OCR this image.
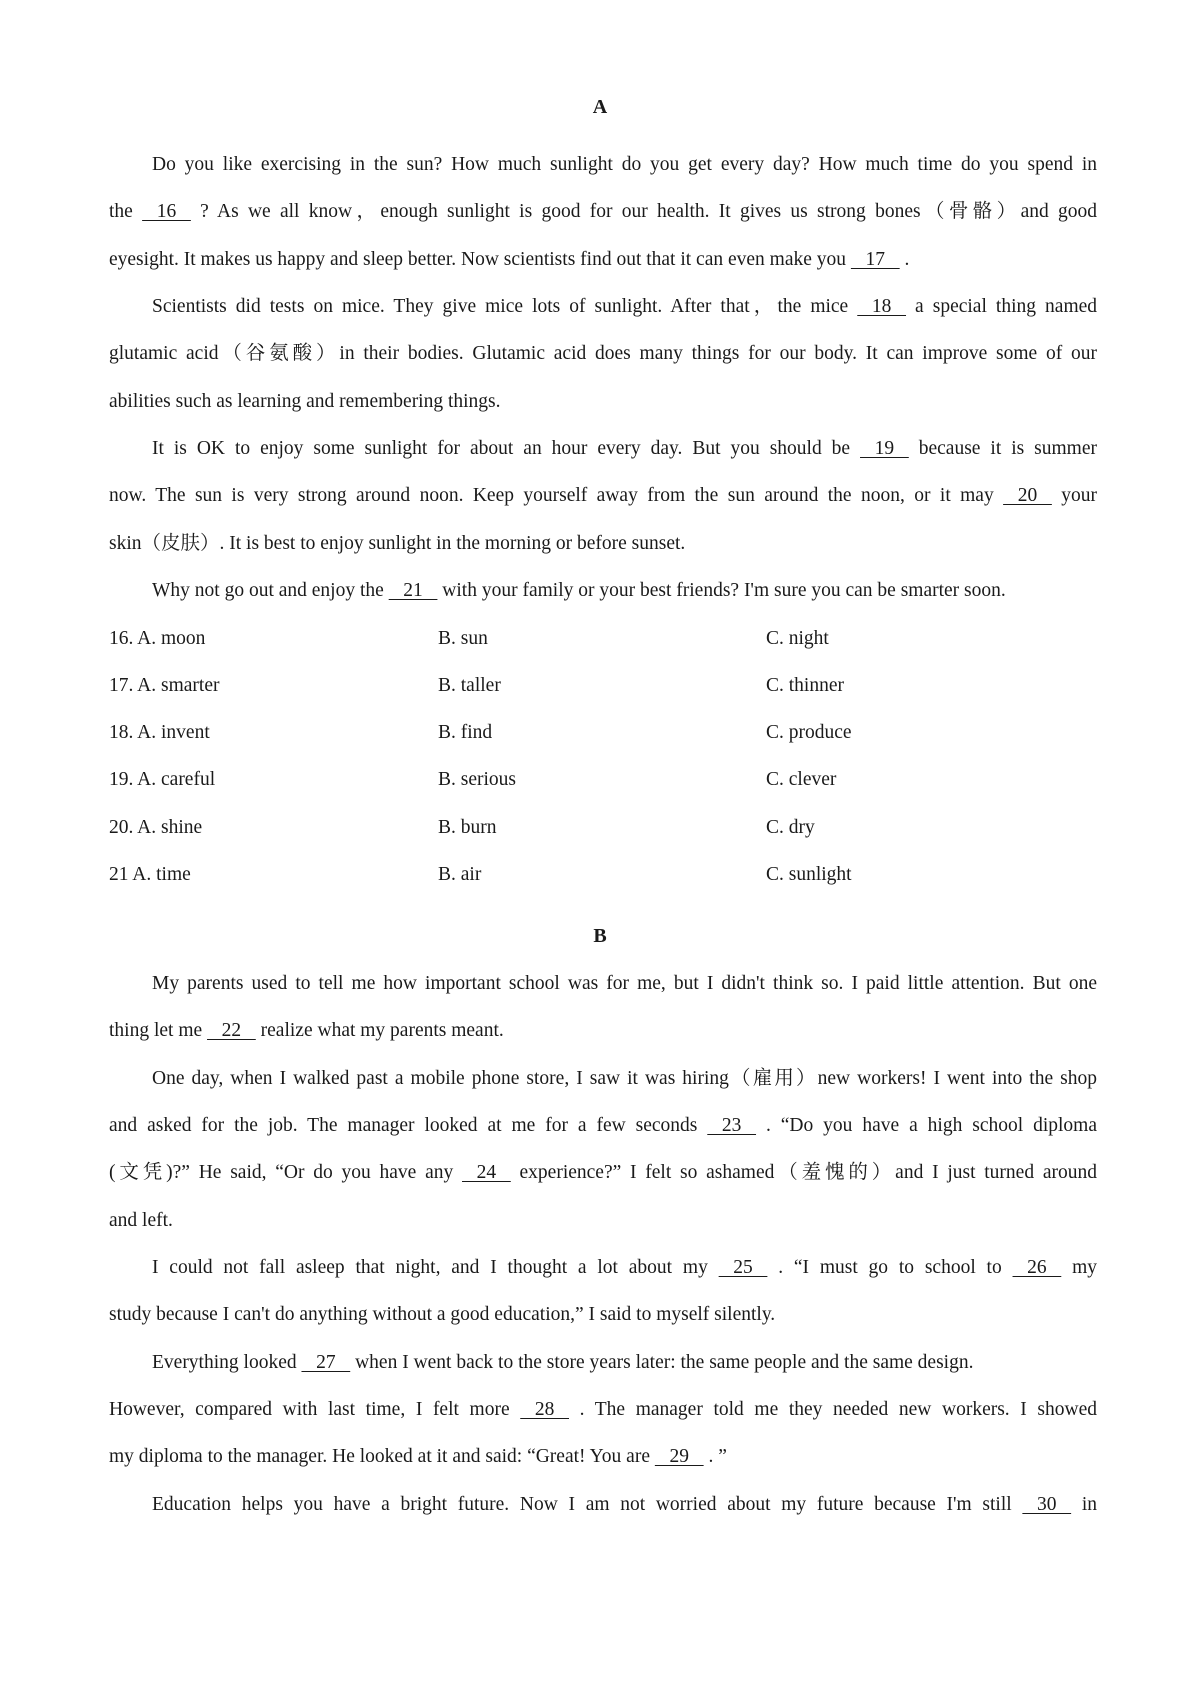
A
Do you like exercising in the sun? How much sunlight do you get every day? How much time do you spend in
the    16    ? As we all know，enough sunlight is good for our health. It gives us strong bones（骨骼）and good
eyesight. It makes us happy and sleep better. Now scientists find out that it can even make you    17    .
Scientists did tests on mice. They give mice lots of sunlight. After that，the mice    18    a special thing named
glutamic acid（谷氨酸）in their bodies. Glutamic acid does many things for our body. It can improve some of our
abilities such as learning and remembering things.
It is OK to enjoy some sunlight for about an hour every day. But you should be    19    because it is summer
now. The sun is very strong around noon. Keep yourself away from the sun around the noon, or it may    20    your
skin（皮肤）. It is best to enjoy sunlight in the morning or before sunset.
Why not go out and enjoy the    21    with your family or your best friends? I'm sure you can be smarter soon.
16. A. moon	B. sun	C. night
17. A. smarter	B. taller	C. thinner
18. A. invent	B. find	C. produce
19. A. careful	B. serious	C. clever
20. A. shine	B. burn	C. dry
21 A. time	B. air	C. sunlight
B
My parents used to tell me how important school was for me, but I didn't think so. I paid little attention. But one
thing let me    22    realize what my parents meant.
One day, when I walked past a mobile phone store, I saw it was hiring（雇用）new workers! I went into the shop
and asked for the job. The manager looked at me for a few seconds    23    . “Do you have a high school diploma
(文凭)?” He said, “Or do you have any    24    experience?” I felt so ashamed（羞愧的）and I just turned around
and left.
I could not fall asleep that night, and I thought a lot about my    25    . “I must go to school to    26    my
study because I can't do anything without a good education,” I said to myself silently.
Everything looked    27    when I went back to the store years later: the same people and the same design.
However, compared with last time, I felt more    28    . The manager told me they needed new workers. I showed
my diploma to the manager. He looked at it and said: “Great! You are    29    . ”
Education helps you have a bright future. Now I am not worried about my future because I'm still    30    in
